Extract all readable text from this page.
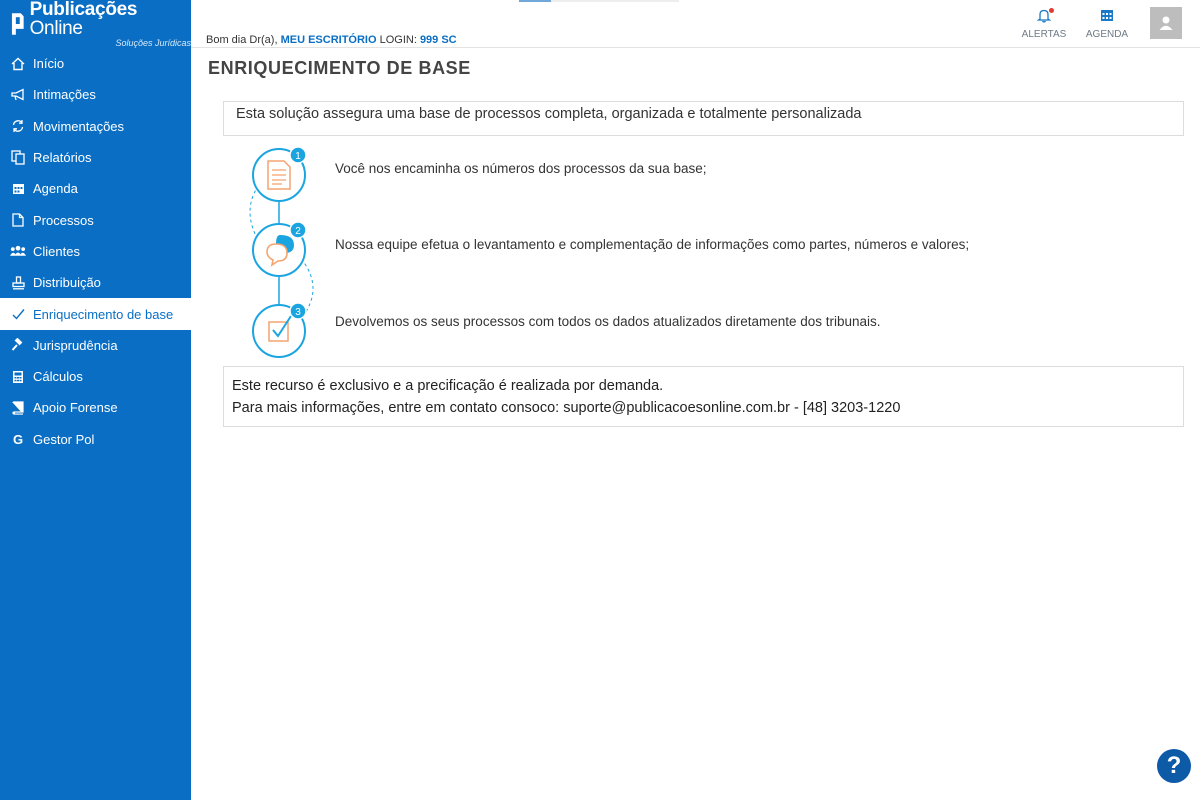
Publicações Online
Soluções Jurídicas
Início
Intimações
Movimentações
Relatórios
Agenda
Processos
Clientes
Distribuição
Enriquecimento de base
Jurisprudência
Cálculos
Apoio Forense
G Gestor Pol
Bom dia Dr(a), MEU ESCRITÓRIO LOGIN: 999 SC	ALERTAS	AGENDA
ENRIQUECIMENTO DE BASE
Esta solução assegura uma base de processos completa, organizada e totalmente personalizada
1
2
3
Você nos encaminha os números dos processos da sua base;
Nossa equipe efetua o levantamento e complementação de informações como partes, números e valores;
Devolvemos os seus processos com todos os dados atualizados diretamente dos tribunais.
Este recurso é exclusivo e a precificação é realizada por demanda.
Para mais informações, entre em contato consoco: suporte@publicacoesonline.com.br - [48] 3203-1220
?
